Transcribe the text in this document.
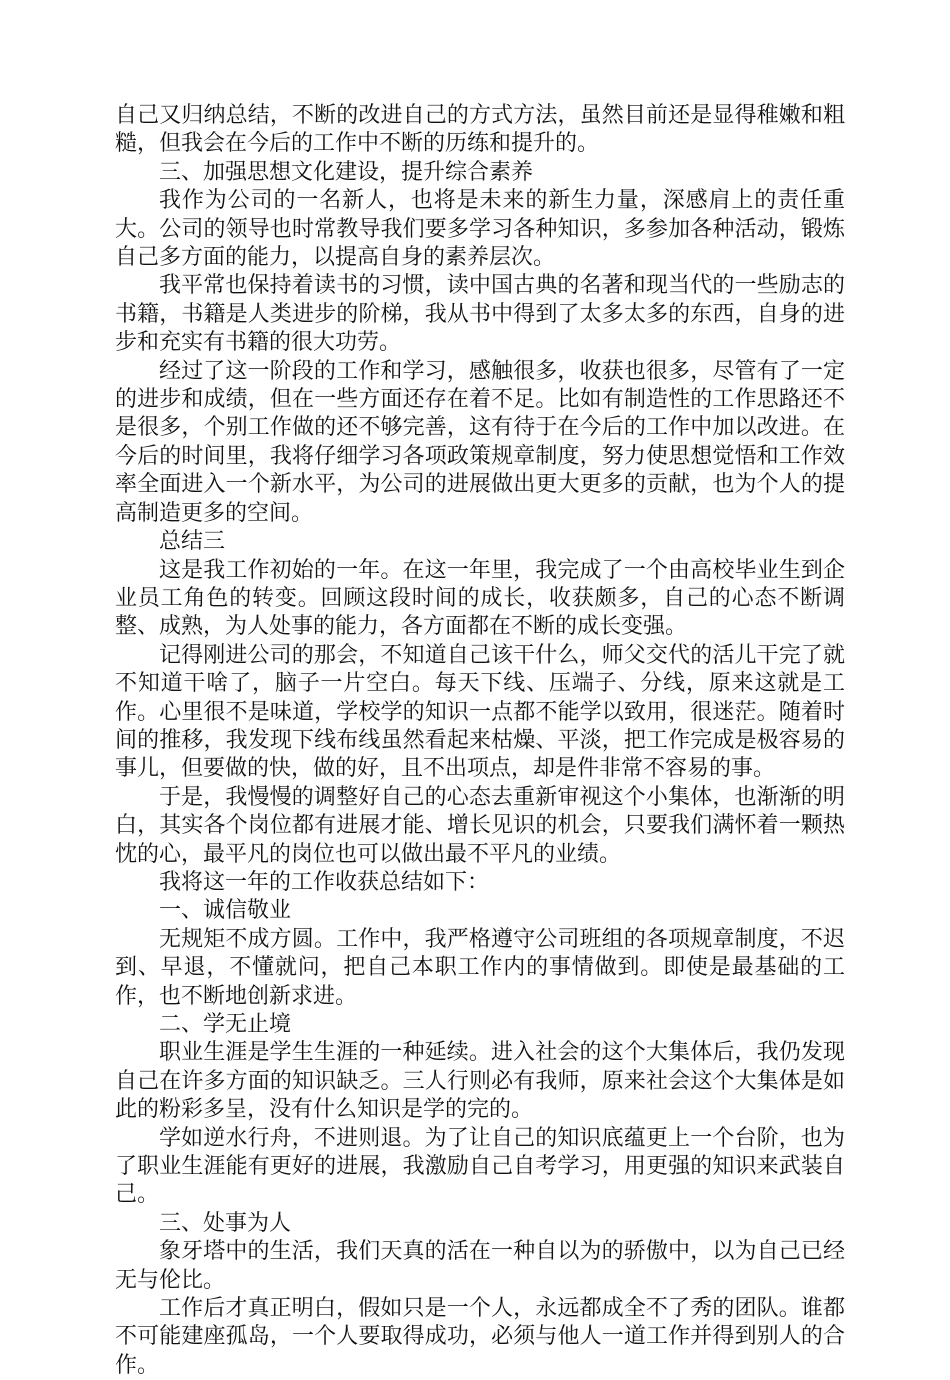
自己又归纳总结，不断的改进自己的方式方法，虽然目前还是显得稚嫩和粗糙，但我会在今后的工作中不断的历练和提升的。

三、加强思想文化建设，提升综合素养

我作为公司的一名新人，也将是未来的新生力量，深感肩上的责任重大。公司的领导也时常教导我们要多学习各种知识，多参加各种活动，锻炼自己多方面的能力，以提高自身的素养层次。

我平常也保持着读书的习惯，读中国古典的名著和现当代的一些励志的书籍，书籍是人类进步的阶梯，我从书中得到了太多太多的东西，自身的进步和充实有书籍的很大功劳。

经过了这一阶段的工作和学习，感触很多，收获也很多，尽管有了一定的进步和成绩，但在一些方面还存在着不足。比如有制造性的工作思路还不是很多，个别工作做的还不够完善，这有待于在今后的工作中加以改进。在今后的时间里，我将仔细学习各项政策规章制度，努力使思想觉悟和工作效率全面进入一个新水平，为公司的进展做出更大更多的贡献，也为个人的提高制造更多的空间。

总结三

这是我工作初始的一年。在这一年里，我完成了一个由高校毕业生到企业员工角色的转变。回顾这段时间的成长，收获颇多，自己的心态不断调整、成熟，为人处事的能力，各方面都在不断的成长变强。

记得刚进公司的那会，不知道自己该干什么，师父交代的活儿干完了就不知道干啥了，脑子一片空白。每天下线、压端子、分线，原来这就是工作。心里很不是味道，学校学的知识一点都不能学以致用，很迷茫。随着时间的推移，我发现下线布线虽然看起来枯燥、平淡，把工作完成是极容易的事儿，但要做的快，做的好，且不出项点，却是件非常不容易的事。

于是，我慢慢的调整好自己的心态去重新审视这个小集体，也渐渐的明白，其实各个岗位都有进展才能、增长见识的机会，只要我们满怀着一颗热忱的心，最平凡的岗位也可以做出最不平凡的业绩。

我将这一年的工作收获总结如下：

一、诚信敬业

无规矩不成方圆。工作中，我严格遵守公司班组的各项规章制度，不迟到、早退，不懂就问，把自己本职工作内的事情做到。即使是最基础的工作，也不断地创新求进。

二、学无止境

职业生涯是学生生涯的一种延续。进入社会的这个大集体后，我仍发现自己在许多方面的知识缺乏。三人行则必有我师，原来社会这个大集体是如此的粉彩多呈，没有什么知识是学的完的。

学如逆水行舟，不进则退。为了让自己的知识底蕴更上一个台阶，也为了职业生涯能有更好的进展，我激励自己自考学习，用更强的知识来武装自己。

三、处事为人

象牙塔中的生活，我们天真的活在一种自以为的骄傲中，以为自己已经无与伦比。

工作后才真正明白，假如只是一个人，永远都成全不了秀的团队。谁都不可能建座孤岛，一个人要取得成功，必须与他人一道工作并得到别人的合作。
